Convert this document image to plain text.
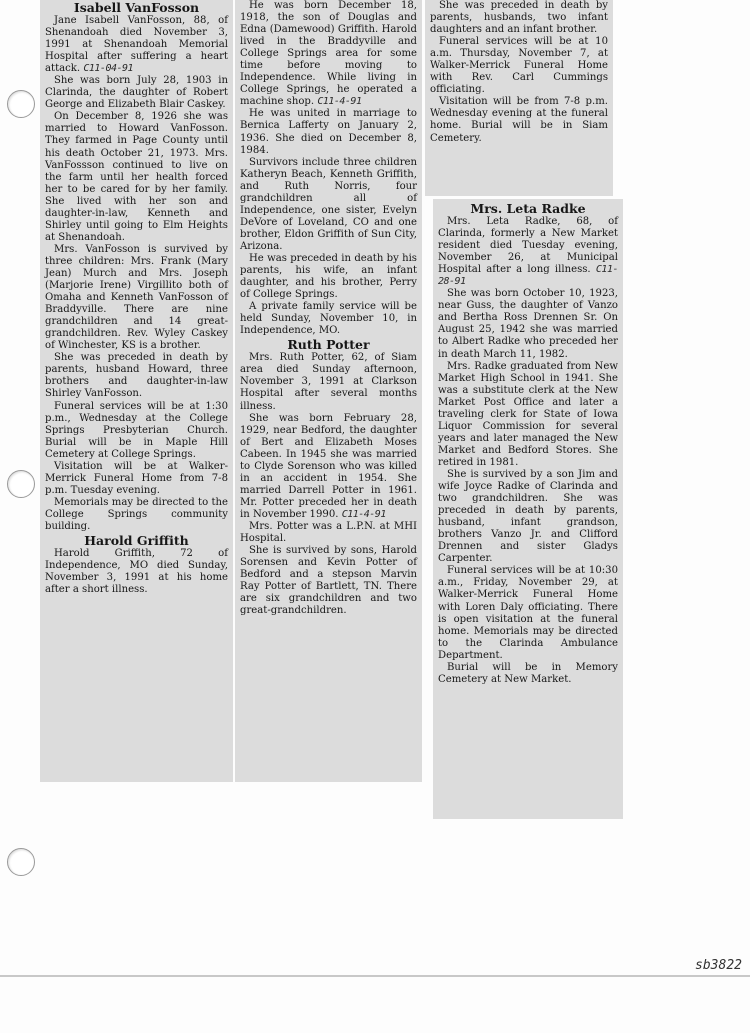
Isabell VanFosson

Jane Isabell VanFosson, 88, of Shenandoah died November 3, 1991 at Shenandoah Memorial Hospital after suffering a heart attack. C11-04-91

She was born July 28, 1903 in Clarinda, the daughter of Robert George and Elizabeth Blair Caskey.

On December 8, 1926 she was married to Howard VanFosson. They farmed in Page County until his death October 21, 1973. Mrs. VanFossson continued to live on the farm until her health forced her to be cared for by her family. She lived with her son and daughter-in-law, Kenneth and Shirley until going to Elm Heights at Shenandoah.

Mrs. VanFosson is survived by three children: Mrs. Frank (Mary Jean) Murch and Mrs. Joseph (Marjorie Irene) Virgillito both of Omaha and Kenneth VanFosson of Braddyville. There are nine grandchildren and 14 great-grandchildren. Rev. Wyley Caskey of Winchester, KS is a brother.

She was preceded in death by parents, husband Howard, three brothers and daughter-in-law Shirley VanFosson.

Funeral services will be at 1:30 p.m., Wednesday at the College Springs Presbyterian Church. Burial will be in Maple Hill Cemetery at College Springs.

Visitation will be at Walker-Merrick Funeral Home from 7-8 p.m. Tuesday evening.

Memorials may be directed to the College Springs community building.

Harold Griffith

Harold Griffith, 72 of Independence, MO died Sunday, November 3, 1991 at his home after a short illness.

He was born December 18, 1918, the son of Douglas and Edna (Damewood) Griffith. Harold lived in the Braddyville and College Springs area for some time before moving to Independence. While living in College Springs, he operated a machine shop. C11-4-91

He was united in marriage to Bernica Lafferty on January 2, 1936. She died on December 8, 1984.

Survivors include three children Katheryn Beach, Kenneth Griffith, and Ruth Norris, four grandchildren all of Independence, one sister, Evelyn DeVore of Loveland, CO and one brother, Eldon Griffith of Sun City, Arizona.

He was preceded in death by his parents, his wife, an infant daughter, and his brother, Perry of College Springs.

A private family service will be held Sunday, November 10, in Independence, MO.

Ruth Potter

Mrs. Ruth Potter, 62, of Siam area died Sunday afternoon, November 3, 1991 at Clarkson Hospital after several months illness.

She was born February 28, 1929, near Bedford, the daughter of Bert and Elizabeth Moses Cabeen. In 1945 she was married to Clyde Sorenson who was killed in an accident in 1954. She married Darrell Potter in 1961. Mr. Potter preceded her in death in November 1990. C11-4-91

Mrs. Potter was a L.P.N. at MHI Hospital.

She is survived by sons, Harold Sorensen and Kevin Potter of Bedford and a stepson Marvin Ray Potter of Bartlett, TN. There are six grandchildren and two great-grandchildren.

She was preceded in death by parents, husbands, two infant daughters and an infant brother.

Funeral services will be at 10 a.m. Thursday, November 7, at Walker-Merrick Funeral Home with Rev. Carl Cummings officiating.

Visitation will be from 7-8 p.m. Wednesday evening at the funeral home. Burial will be in Siam Cemetery.

Mrs. Leta Radke

Mrs. Leta Radke, 68, of Clarinda, formerly a New Market resident died Tuesday evening, November 26, at Municipal Hospital after a long illness. C11-28-91

She was born October 10, 1923, near Guss, the daughter of Vanzo and Bertha Ross Drennen Sr. On August 25, 1942 she was married to Albert Radke who preceded her in death March 11, 1982.

Mrs. Radke graduated from New Market High School in 1941. She was a substitute clerk at the New Market Post Office and later a traveling clerk for State of Iowa Liquor Commission for several years and later managed the New Market and Bedford Stores. She retired in 1981.

She is survived by a son Jim and wife Joyce Radke of Clarinda and two grandchildren. She was preceded in death by parents, husband, infant grandson, brothers Vanzo Jr. and Clifford Drennen and sister Gladys Carpenter.

Funeral services will be at 10:30 a.m., Friday, November 29, at Walker-Merrick Funeral Home with Loren Daly officiating. There is open visitation at the funeral home. Memorials may be directed to the Clarinda Ambulance Department.

Burial will be in Memory Cemetery at New Market.

sb3822
